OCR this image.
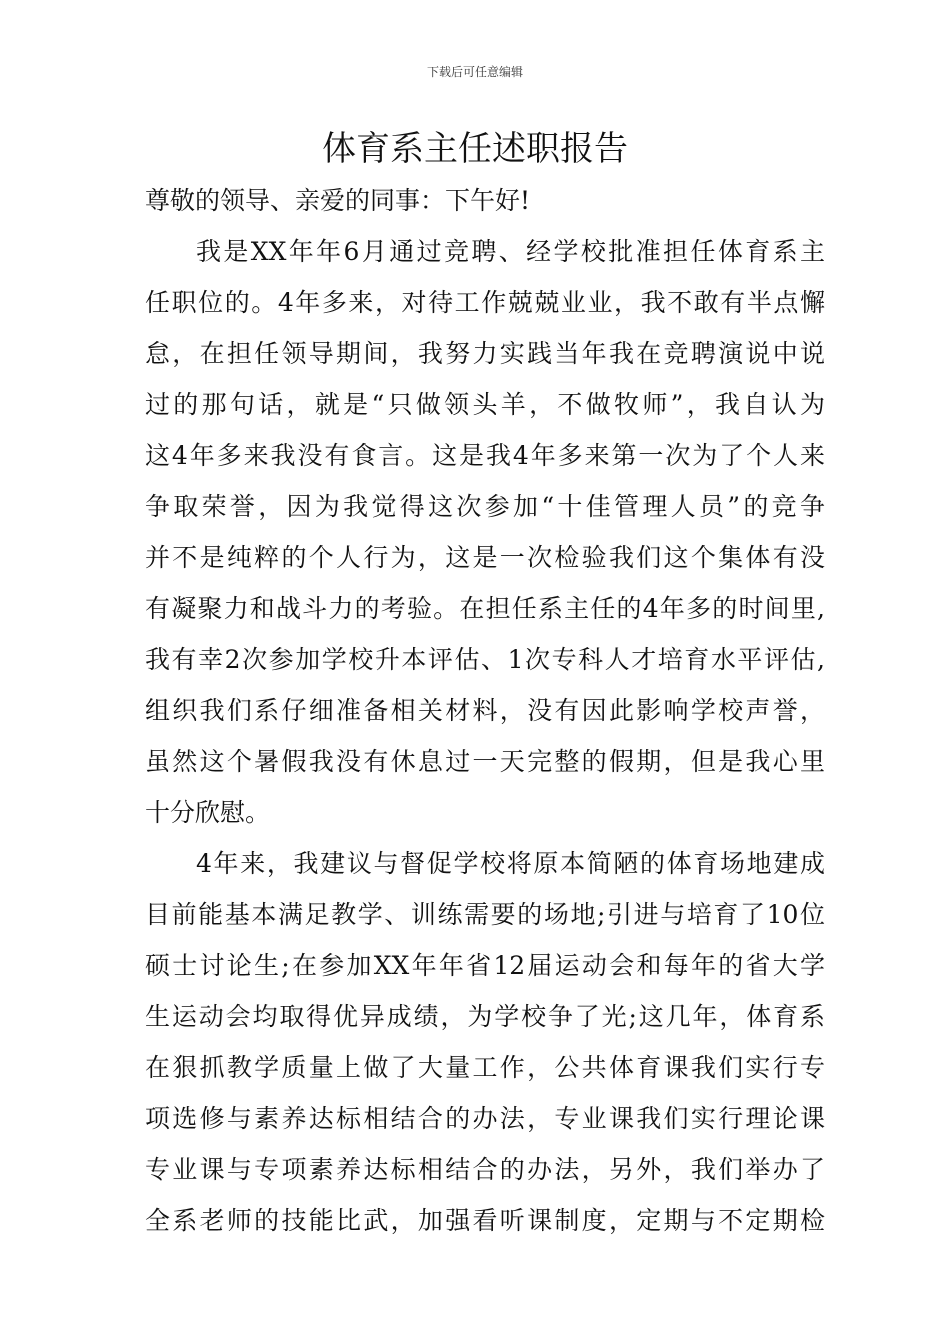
下载后可任意编辑
体育系主任述职报告
尊敬的领导、亲爱的同事：下午好!
我是XX年年6月通过竞聘、经学校批准担任体育系主
任职位的。4年多来，对待工作兢兢业业，我不敢有半点懈
怠，在担任领导期间，我努力实践当年我在竞聘演说中说
过的那句话，就是“只做领头羊，不做牧师”，我自认为
这4年多来我没有食言。这是我4年多来第一次为了个人来
争取荣誉，因为我觉得这次参加“十佳管理人员”的竞争
并不是纯粹的个人行为，这是一次检验我们这个集体有没
有凝聚力和战斗力的考验。在担任系主任的4年多的时间里,
我有幸2次参加学校升本评估、1次专科人才培育水平评估,
组织我们系仔细准备相关材料，没有因此影响学校声誉，
虽然这个暑假我没有休息过一天完整的假期，但是我心里
十分欣慰。
4年来，我建议与督促学校将原本简陋的体育场地建成
目前能基本满足教学、训练需要的场地;引进与培育了10位
硕士讨论生;在参加XX年年省12届运动会和每年的省大学
生运动会均取得优异成绩，为学校争了光;这几年，体育系
在狠抓教学质量上做了大量工作，公共体育课我们实行专
项选修与素养达标相结合的办法，专业课我们实行理论课
专业课与专项素养达标相结合的办法，另外，我们举办了
全系老师的技能比武，加强看听课制度，定期与不定期检
